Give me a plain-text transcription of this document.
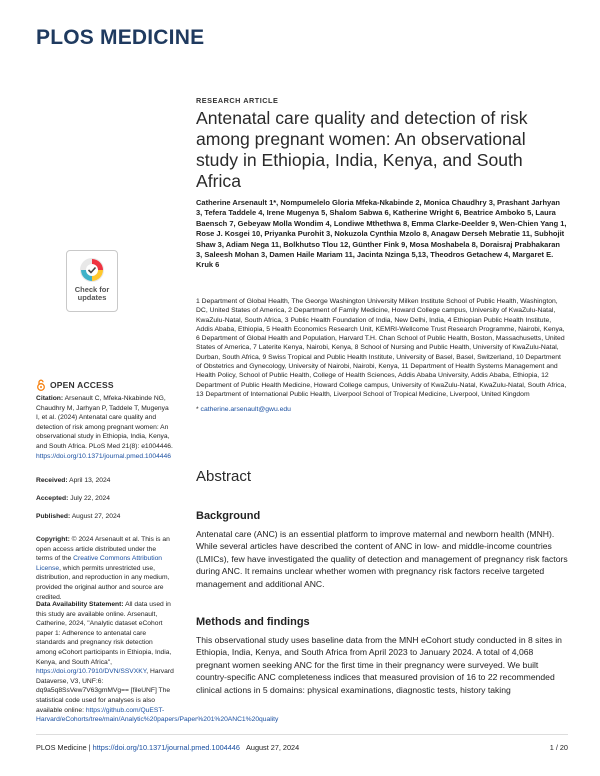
PLOS MEDICINE
Check for
updates
OPEN ACCESS
Citation: Arsenault C, Mfeka-Nkabinde NG, Chaudhry M, Jarhyan P, Taddele T, Mugenya I, et al. (2024) Antenatal care quality and detection of risk among pregnant women: An observational study in Ethiopia, India, Kenya, and South Africa. PLoS Med 21(8): e1004446. https://doi.org/10.1371/journal.pmed.1004446
Received: April 13, 2024
Accepted: July 22, 2024
Published: August 27, 2024
Copyright: © 2024 Arsenault et al. This is an open access article distributed under the terms of the Creative Commons Attribution License, which permits unrestricted use, distribution, and reproduction in any medium, provided the original author and source are credited.
Data Availability Statement: All data used in this study are available online. Arsenault, Catherine, 2024, "Analytic dataset eCohort paper 1: Adherence to antenatal care standards and pregnancy risk detection among eCohort participants in Ethiopia, India, Kenya, and South Africa", https://doi.org/10.7910/DVN/SSVXKY, Harvard Dataverse, V3, UNF:6: dq9a5q8SsVew7V63gmMVg== [fileUNF] The statistical code used for analyses is also available online: https://github.com/QuEST-Harvard/eCohorts/tree/main/Analytic%20papers/Paper%201%20ANC1%20quality
RESEARCH ARTICLE
Antenatal care quality and detection of risk among pregnant women: An observational study in Ethiopia, India, Kenya, and South Africa
Catherine Arsenault 1*, Nompumelelo Gloria Mfeka-Nkabinde 2, Monica Chaudhry 3, Prashant Jarhyan 3, Tefera Taddele 4, Irene Mugenya 5, Shalom Sabwa 6, Katherine Wright 6, Beatrice Amboko 5, Laura Baensch 7, Gebeyaw Molla Wondim 4, Londiwe Mthethwa 8, Emma Clarke-Deelder 9, Wen-Chien Yang 1, Rose J. Kosgei 10, Priyanka Purohit 3, Nokuzola Cynthia Mzolo 8, Anagaw Derseh Mebratie 11, Subhojit Shaw 3, Adiam Nega 11, Bolkhutso Tlou 12, Günther Fink 9, Mosa Moshabela 8, Doraisraj Prabhakaran 3, Saleesh Mohan 3, Damen Haile Mariam 11, Jacinta Nzinga 5,13, Theodros Getachew 4, Margaret E. Kruk 6
1 Department of Global Health, The George Washington University Milken Institute School of Public Health, Washington, DC, United States of America, 2 Department of Family Medicine, Howard College campus, University of KwaZulu-Natal, KwaZulu-Natal, South Africa, 3 Public Health Foundation of India, New Delhi, India, 4 Ethiopian Public Health Institute, Addis Ababa, Ethiopia, 5 Health Economics Research Unit, KEMRI-Wellcome Trust Research Programme, Nairobi, Kenya, 6 Department of Global Health and Population, Harvard T.H. Chan School of Public Health, Boston, Massachusetts, United States of America, 7 Laterite Kenya, Nairobi, Kenya, 8 School of Nursing and Public Health, University of KwaZulu-Natal, Durban, South Africa, 9 Swiss Tropical and Public Health Institute, University of Basel, Basel, Switzerland, 10 Department of Obstetrics and Gynecology, University of Nairobi, Nairobi, Kenya, 11 Department of Health Systems Management and Health Policy, School of Public Health, College of Health Sciences, Addis Ababa University, Addis Ababa, Ethiopia, 12 Department of Public Health Medicine, Howard College campus, University of KwaZulu-Natal, KwaZulu-Natal, South Africa, 13 Department of International Public Health, Liverpool School of Tropical Medicine, Liverpool, United Kingdom
* catherine.arsenault@gwu.edu
Abstract
Background
Antenatal care (ANC) is an essential platform to improve maternal and newborn health (MNH). While several articles have described the content of ANC in low- and middle-income countries (LMICs), few have investigated the quality of detection and management of pregnancy risk factors during ANC. It remains unclear whether women with pregnancy risk factors receive targeted management and additional ANC.
Methods and findings
This observational study uses baseline data from the MNH eCohort study conducted in 8 sites in Ethiopia, India, Kenya, and South Africa from April 2023 to January 2024. A total of 4,068 pregnant women seeking ANC for the first time in their pregnancy were surveyed. We built country-specific ANC completeness indices that measured provision of 16 to 22 recommended clinical actions in 5 domains: physical examinations, diagnostic tests, history taking
PLOS Medicine | https://doi.org/10.1371/journal.pmed.1004446 August 27, 2024	1 / 20
